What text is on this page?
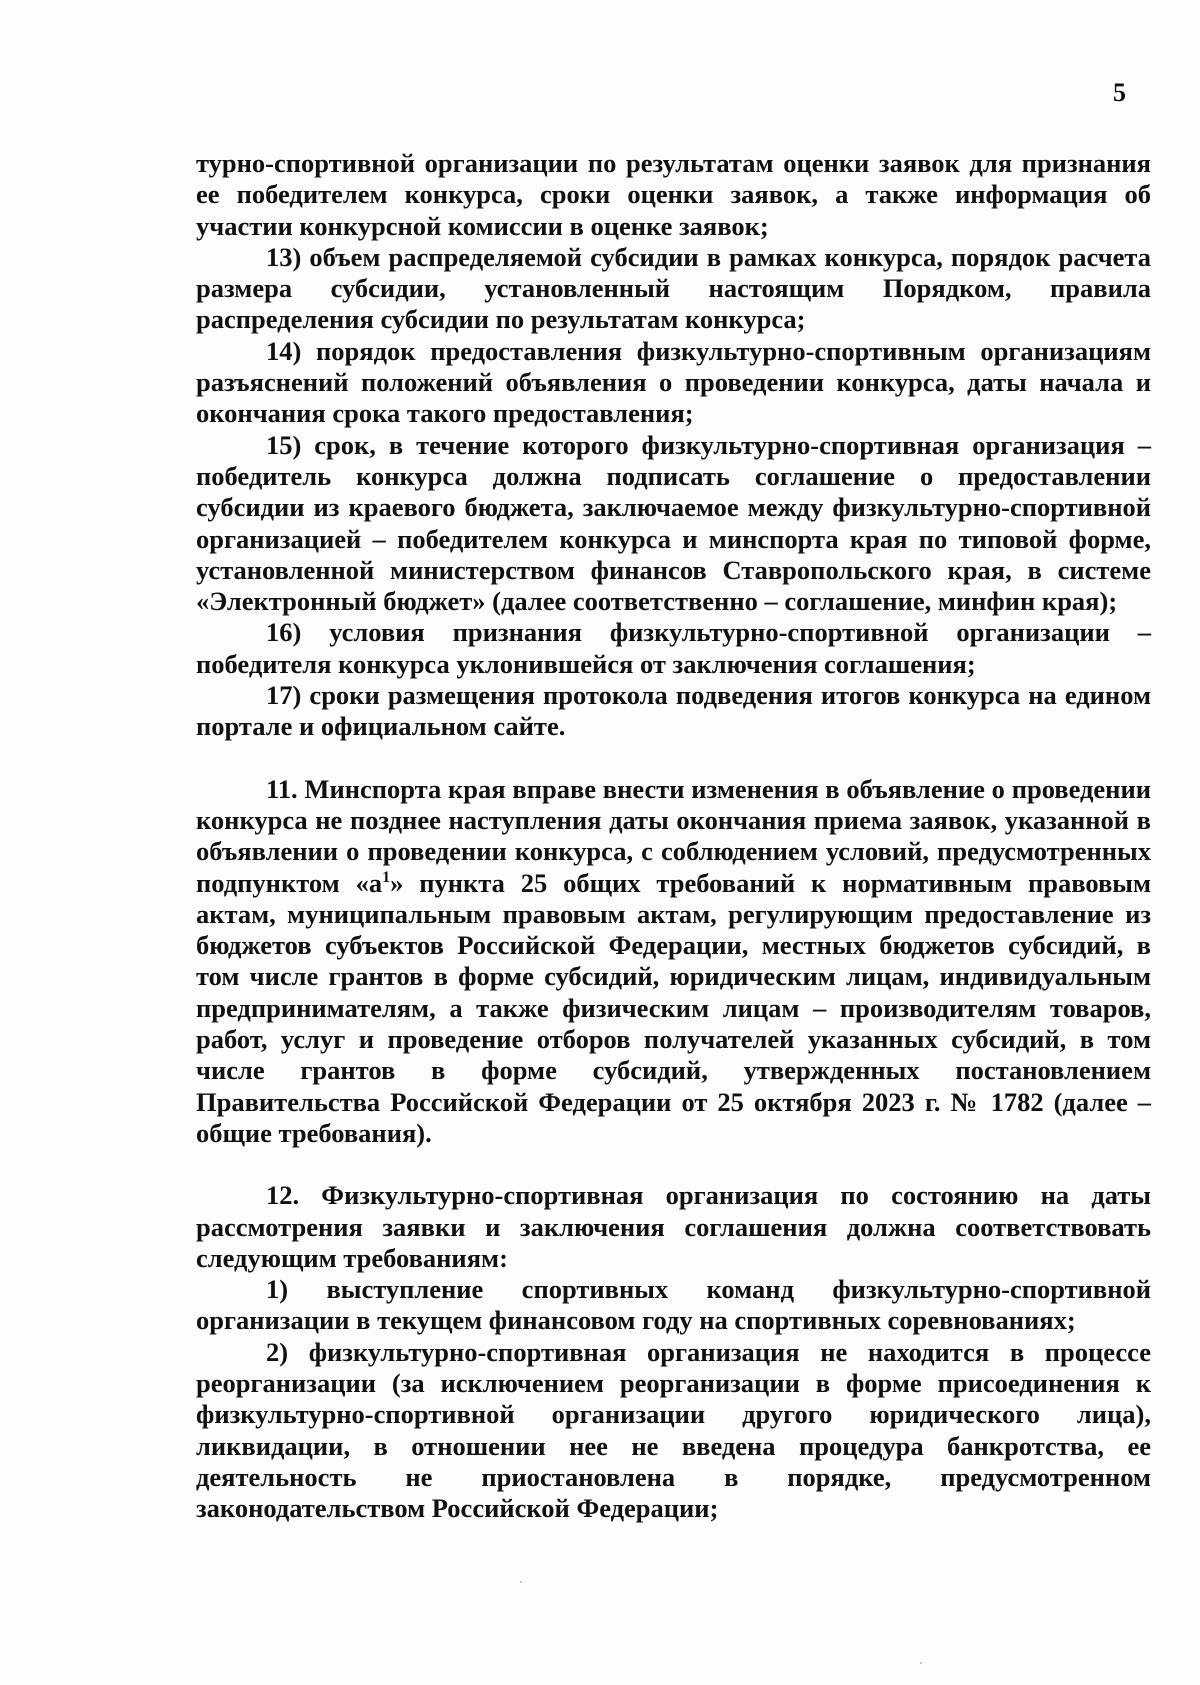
5

турно-спортивной организации по результатам оценки заявок для признания ее победителем конкурса, сроки оценки заявок, а также информация об участии конкурсной комиссии в оценке заявок;

13) объем распределяемой субсидии в рамках конкурса, порядок расчета размера субсидии, установленный настоящим Порядком, правила распределения субсидии по результатам конкурса;

14) порядок предоставления физкультурно-спортивным организациям разъяснений положений объявления о проведении конкурса, даты начала и окончания срока такого предоставления;

15) срок, в течение которого физкультурно-спортивная организация – победитель конкурса должна подписать соглашение о предоставлении субсидии из краевого бюджета, заключаемое между физкультурно-спортивной организацией – победителем конкурса и минспорта края по типовой форме, установленной министерством финансов Ставропольского края, в системе «Электронный бюджет» (далее соответственно – соглашение, минфин края);

16) условия признания физкультурно-спортивной организации – победителя конкурса уклонившейся от заключения соглашения;

17) сроки размещения протокола подведения итогов конкурса на едином портале и официальном сайте.

11. Минспорта края вправе внести изменения в объявление о проведении конкурса не позднее наступления даты окончания приема заявок, указанной в объявлении о проведении конкурса, с соблюдением условий, предусмотренных подпунктом «$а^1$» пункта 25 общих требований к нормативным правовым актам, муниципальным правовым актам, регулирующим предоставление из бюджетов субъектов Российской Федерации, местных бюджетов субсидий, в том числе грантов в форме субсидий, юридическим лицам, индивидуальным предпринимателям, а также физическим лицам – производителям товаров, работ, услуг и проведение отборов получателей указанных субсидий, в том числе грантов в форме субсидий, утвержденных постановлением Правительства Российской Федерации от 25 октября 2023 г. № 1782 (далее – общие требования).

12. Физкультурно-спортивная организация по состоянию на даты рассмотрения заявки и заключения соглашения должна соответствовать следующим требованиям:

1) выступление спортивных команд физкультурно-спортивной организации в текущем финансовом году на спортивных соревнованиях;

2) физкультурно-спортивная организация не находится в процессе реорганизации (за исключением реорганизации в форме присоединения к физкультурно-спортивной организации другого юридического лица), ликвидации, в отношении нее не введена процедура банкротства, ее деятельность не приостановлена в порядке, предусмотренном законодательством Российской Федерации;
